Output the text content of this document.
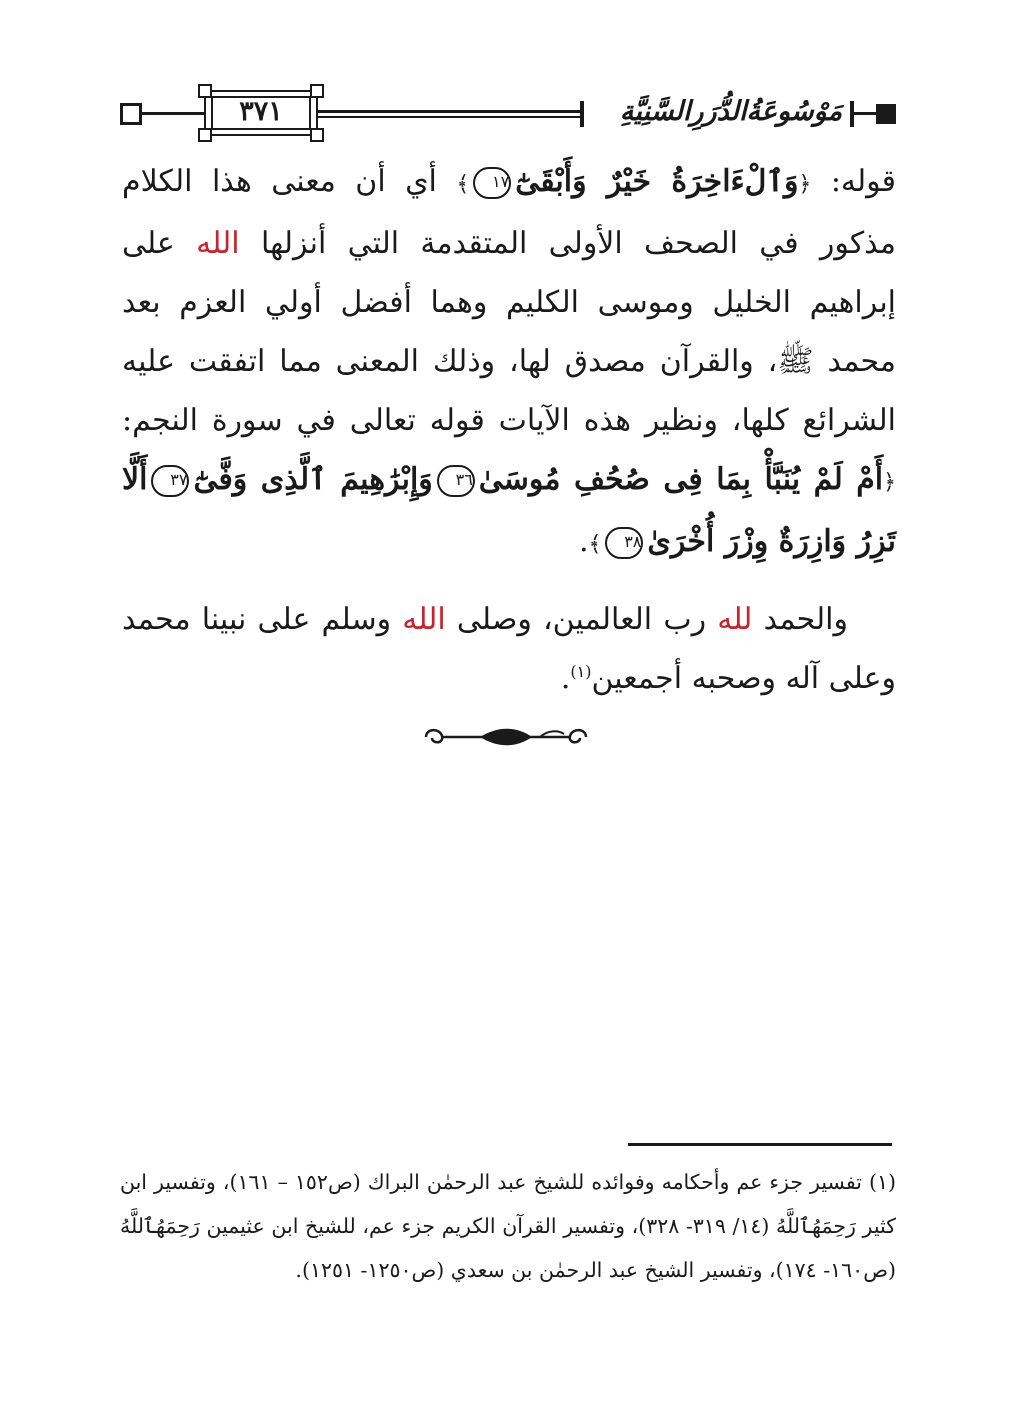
٣٧١	مَوْسُوعَةُالدُّرَرِالسَّنِيَّةِ

قوله: ﴿وَٱلْءَاخِرَةُ خَيْرٌ وَأَبْقَىٰٓ١٧﴾ أي أن معنى هذا الكلام مذكور في الصحف الأولى المتقدمة التي أنزلها الله على إبراهيم الخليل وموسى الكليم وهما أفضل أولي العزم بعد محمد ﷺ، والقرآن مصدق لها، وذلك المعنى مما اتفقت عليه الشرائع كلها، ونظير هذه الآيات قوله تعالى في سورة النجم: ﴿أَمْ لَمْ يُنَبَّأْ بِمَا فِى صُحُفِ مُوسَىٰ٣٦وَإِبْرَٰهِيمَ ٱلَّذِى وَفَّىٰٓ٣٧أَلَّا تَزِرُ وَازِرَةٌ وِزْرَ أُخْرَىٰ٣٨﴾.

والحمد لله رب العالمين، وصلى الله وسلم على نبينا محمد وعلى آله وصحبه أجمعين$^{(١)}$.

(١) تفسير جزء عم وأحكامه وفوائده للشيخ عبد الرحمٰن البراك (ص١٥٢ – ١٦١)، وتفسير ابن كثير رَحِمَهُٱللَّهُ (١٤/ ٣١٩- ٣٢٨)، وتفسير القرآن الكريم جزء عم، للشيخ ابن عثيمين رَحِمَهُٱللَّهُ (ص١٦٠- ١٧٤)، وتفسير الشيخ عبد الرحمٰن بن سعدي (ص١٢٥٠- ١٢٥١).
